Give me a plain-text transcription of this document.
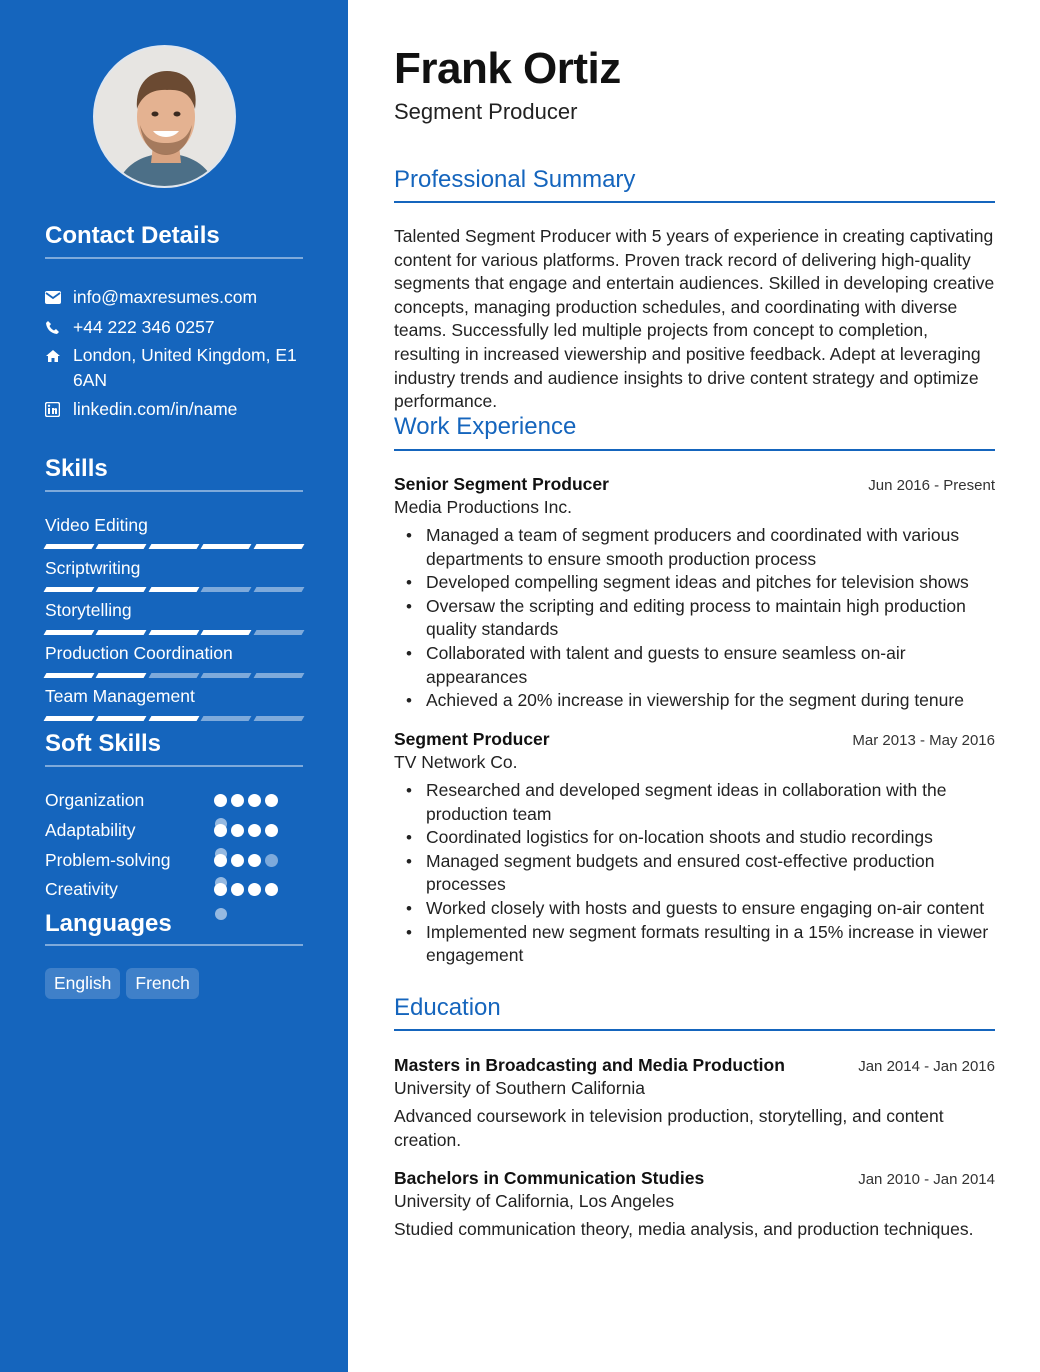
Contact Details
info@maxresumes.com
+44 222 346 0257
London, United Kingdom, E1 6AN
linkedin.com/in/name
Skills
Video Editing
Scriptwriting
Storytelling
Production Coordination
Team Management
Soft Skills
Organization
Adaptability
Problem-solving
Creativity
Languages
English	French
Frank Ortiz
Segment Producer
Professional Summary
Talented Segment Producer with 5 years of experience in creating captivating content for various platforms. Proven track record of delivering high-quality segments that engage and entertain audiences. Skilled in developing creative concepts, managing production schedules, and coordinating with diverse teams. Successfully led multiple projects from concept to completion, resulting in increased viewership and positive feedback. Adept at leveraging industry trends and audience insights to drive content strategy and optimize performance.
Work Experience
Senior Segment Producer	Jun 2016 - Present
Media Productions Inc.
• Managed a team of segment producers and coordinated with various departments to ensure smooth production process
• Developed compelling segment ideas and pitches for television shows
• Oversaw the scripting and editing process to maintain high production quality standards
• Collaborated with talent and guests to ensure seamless on-air appearances
• Achieved a 20% increase in viewership for the segment during tenure
Segment Producer	Mar 2013 - May 2016
TV Network Co.
• Researched and developed segment ideas in collaboration with the production team
• Coordinated logistics for on-location shoots and studio recordings
• Managed segment budgets and ensured cost-effective production processes
• Worked closely with hosts and guests to ensure engaging on-air content
• Implemented new segment formats resulting in a 15% increase in viewer engagement
Education
Masters in Broadcasting and Media Production	Jan 2014 - Jan 2016
University of Southern California
Advanced coursework in television production, storytelling, and content creation.
Bachelors in Communication Studies	Jan 2010 - Jan 2014
University of California, Los Angeles
Studied communication theory, media analysis, and production techniques.
